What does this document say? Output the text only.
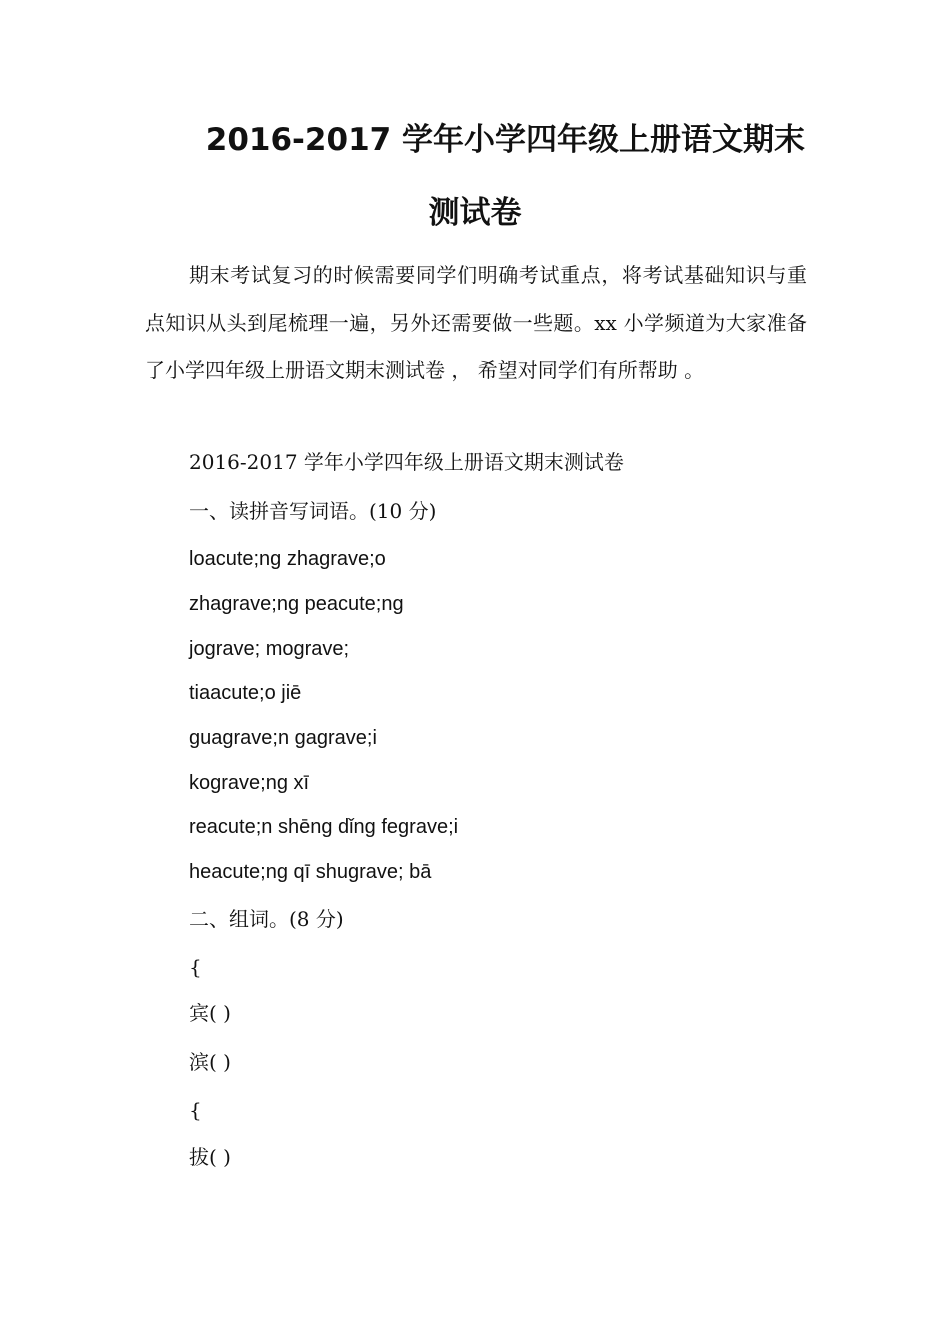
2016-2017 学年小学四年级上册语文期末
测试卷

期末考试复习的时候需要同学们明确考试重点，将考试基础知识与重点知识从头到尾梳理一遍，另外还需要做一些题。xx 小学频道为大家准备了小学四年级上册语文期末测试卷 ， 希望对同学们有所帮助 。

2016-2017 学年小学四年级上册语文期末测试卷

一、读拼音写词语。(10 分)

loacute;ng zhagrave;o

zhagrave;ng peacute;ng

jograve; mograve;

tiaacute;o jiē

guagrave;n gagrave;i

kograve;ng xī

reacute;n shēng dǐng fegrave;i

heacute;ng qī shugrave; bā

二、组词。(8 分)

{

宾( )

滨( )

{

拔( )
